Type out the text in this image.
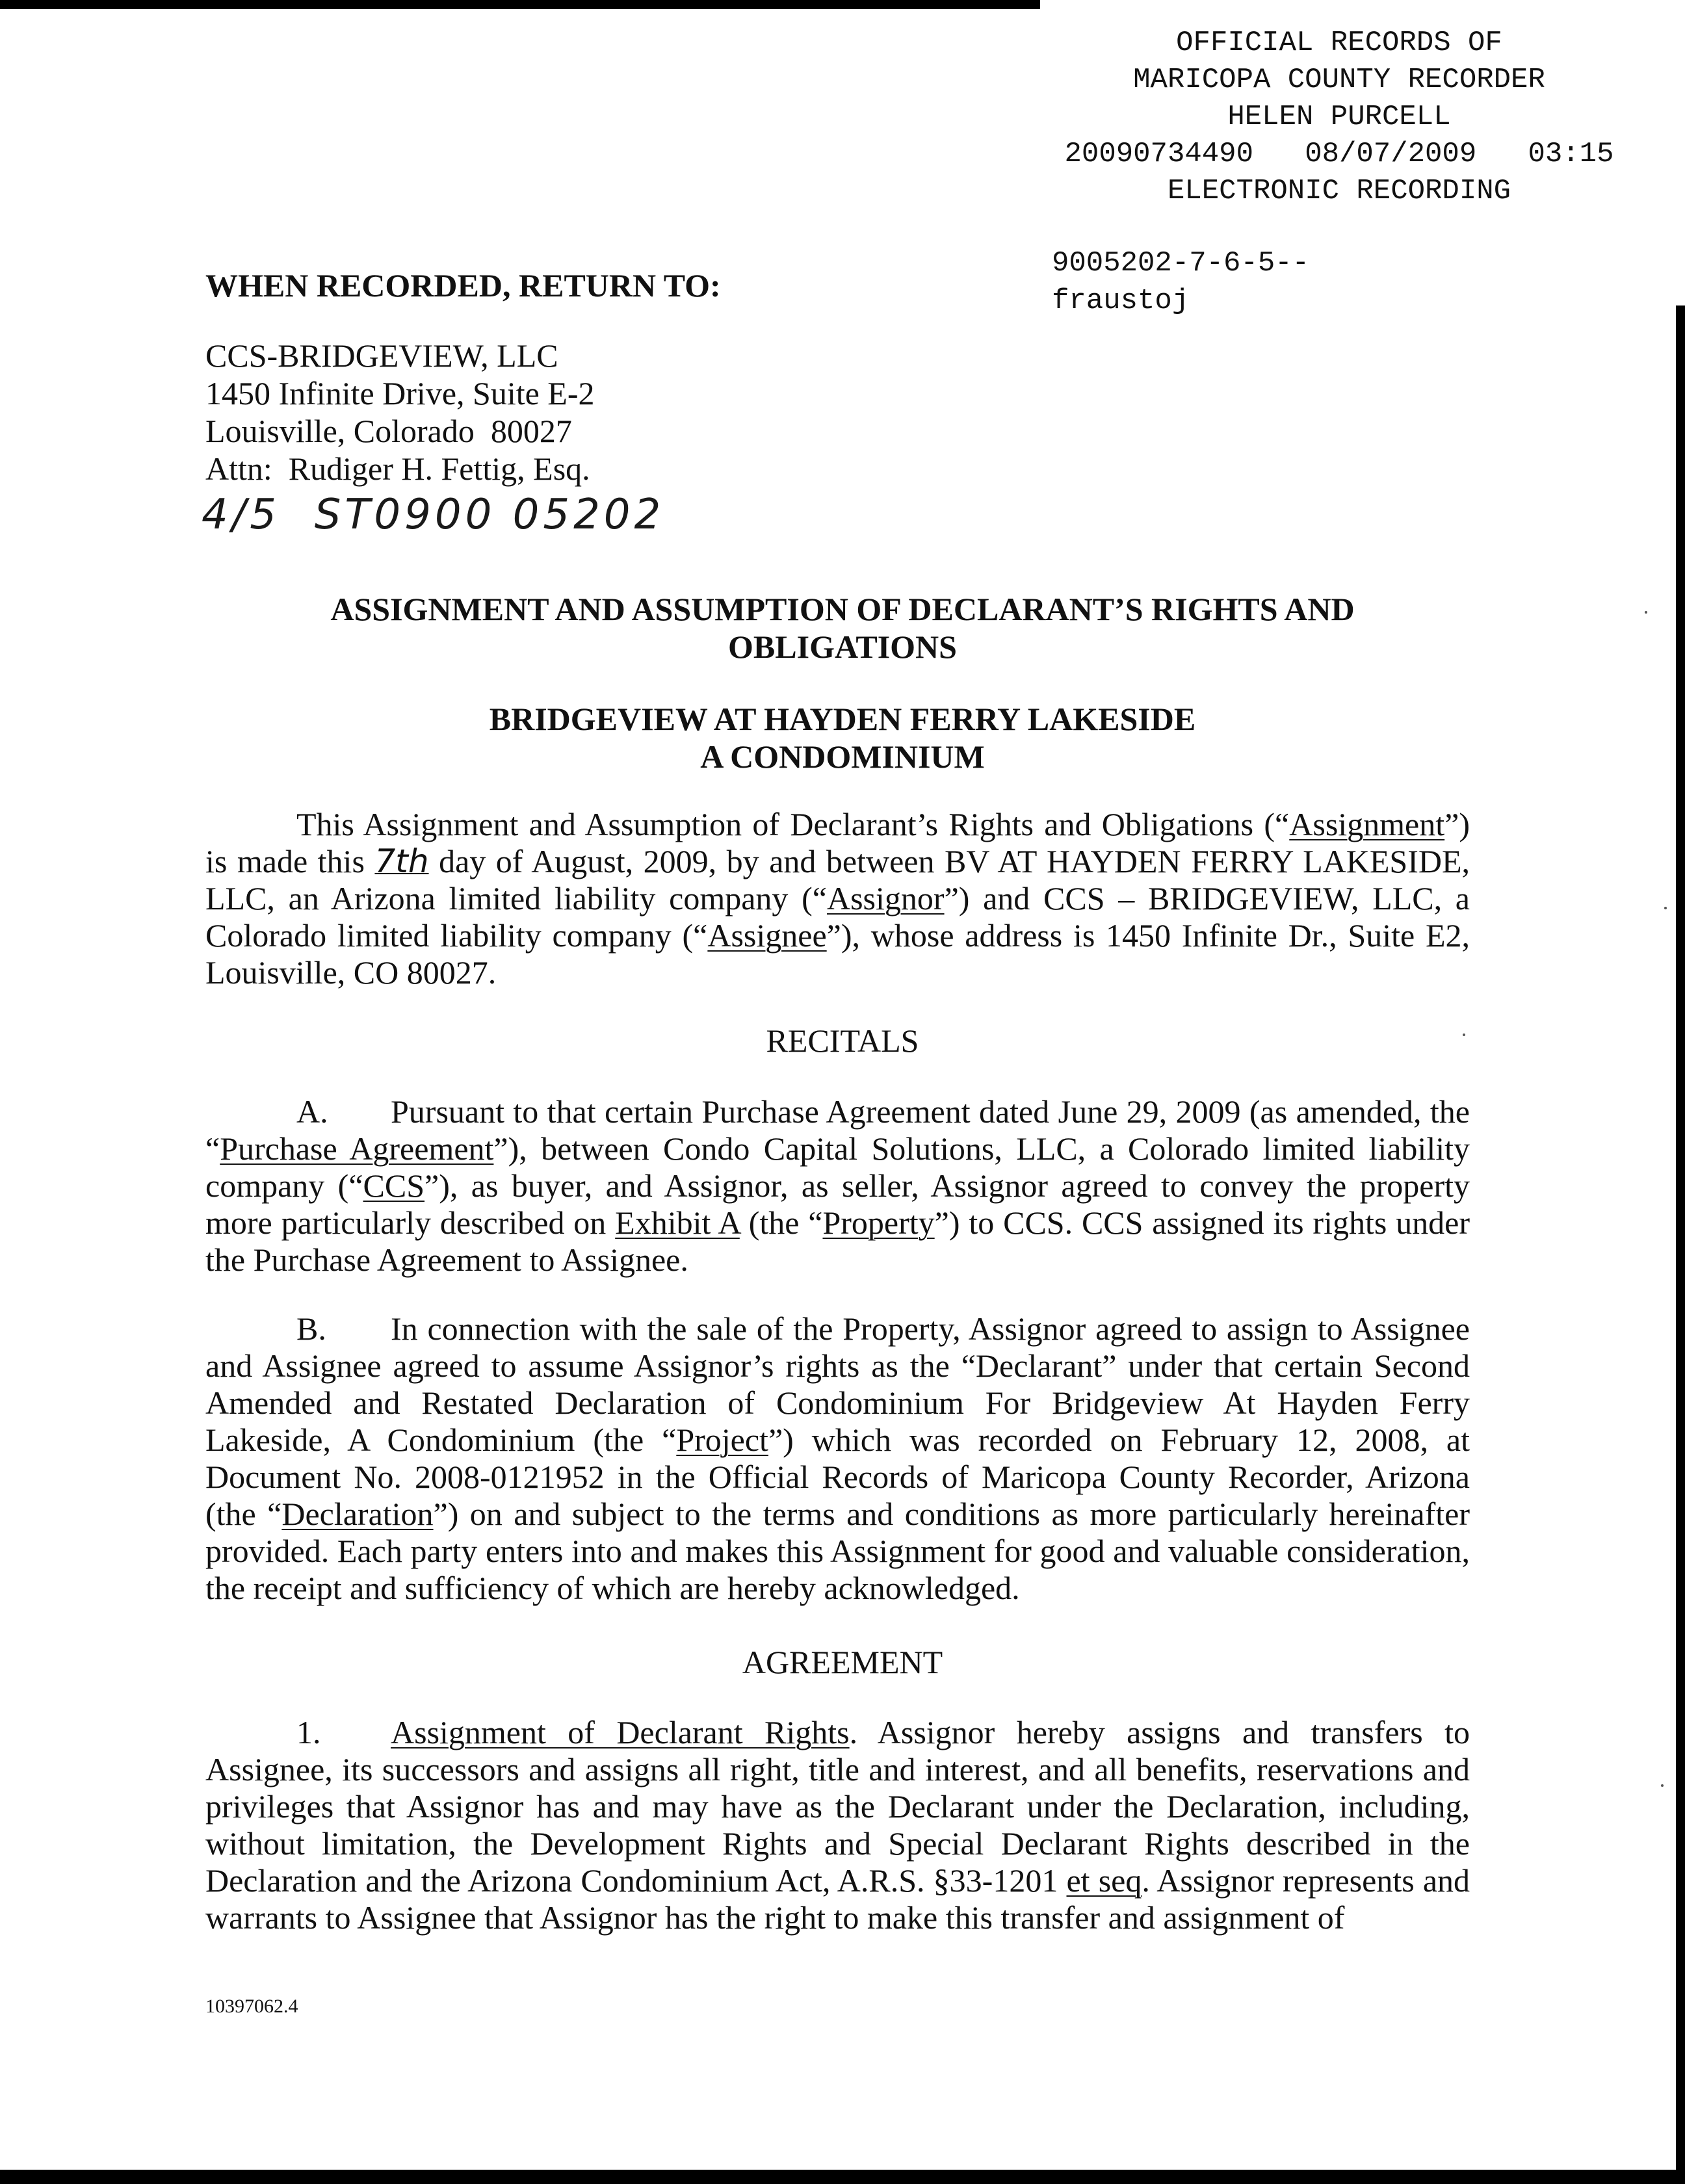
OFFICIAL RECORDS OF
MARICOPA COUNTY RECORDER
HELEN PURCELL
20090734490   08/07/2009   03:15
ELECTRONIC RECORDING
9005202-7-6-5--
fraustoj
WHEN RECORDED, RETURN TO:
CCS-BRIDGEVIEW, LLC
1450 Infinite Drive, Suite E-2
Louisville, Colorado  80027
Attn:  Rudiger H. Fettig, Esq.
4/5  ST0900 05202
ASSIGNMENT AND ASSUMPTION OF DECLARANT’S RIGHTS AND
OBLIGATIONS
BRIDGEVIEW AT HAYDEN FERRY LAKESIDE
A CONDOMINIUM
This Assignment and Assumption of Declarant’s Rights and Obligations (“Assignment”) is made this 7th day of August, 2009, by and between BV AT HAYDEN FERRY LAKESIDE, LLC, an Arizona limited liability company (“Assignor”) and CCS – BRIDGEVIEW, LLC, a Colorado limited liability company (“Assignee”), whose address is 1450 Infinite Dr., Suite E2, Louisville, CO 80027.
RECITALS
A. Pursuant to that certain Purchase Agreement dated June 29, 2009 (as amended, the “Purchase Agreement”), between Condo Capital Solutions, LLC, a Colorado limited liability company (“CCS”), as buyer, and Assignor, as seller, Assignor agreed to convey the property more particularly described on Exhibit A (the “Property”) to CCS. CCS assigned its rights under the Purchase Agreement to Assignee.
B. In connection with the sale of the Property, Assignor agreed to assign to Assignee and Assignee agreed to assume Assignor’s rights as the “Declarant” under that certain Second Amended and Restated Declaration of Condominium For Bridgeview At Hayden Ferry Lakeside, A Condominium (the “Project”) which was recorded on February 12, 2008, at Document No. 2008-0121952 in the Official Records of Maricopa County Recorder, Arizona (the “Declaration”) on and subject to the terms and conditions as more particularly hereinafter provided. Each party enters into and makes this Assignment for good and valuable consideration, the receipt and sufficiency of which are hereby acknowledged.
AGREEMENT
1. Assignment of Declarant Rights. Assignor hereby assigns and transfers to Assignee, its successors and assigns all right, title and interest, and all benefits, reservations and privileges that Assignor has and may have as the Declarant under the Declaration, including, without limitation, the Development Rights and Special Declarant Rights described in the Declaration and the Arizona Condominium Act, A.R.S. §33-1201 et seq. Assignor represents and warrants to Assignee that Assignor has the right to make this transfer and assignment of
10397062.4
